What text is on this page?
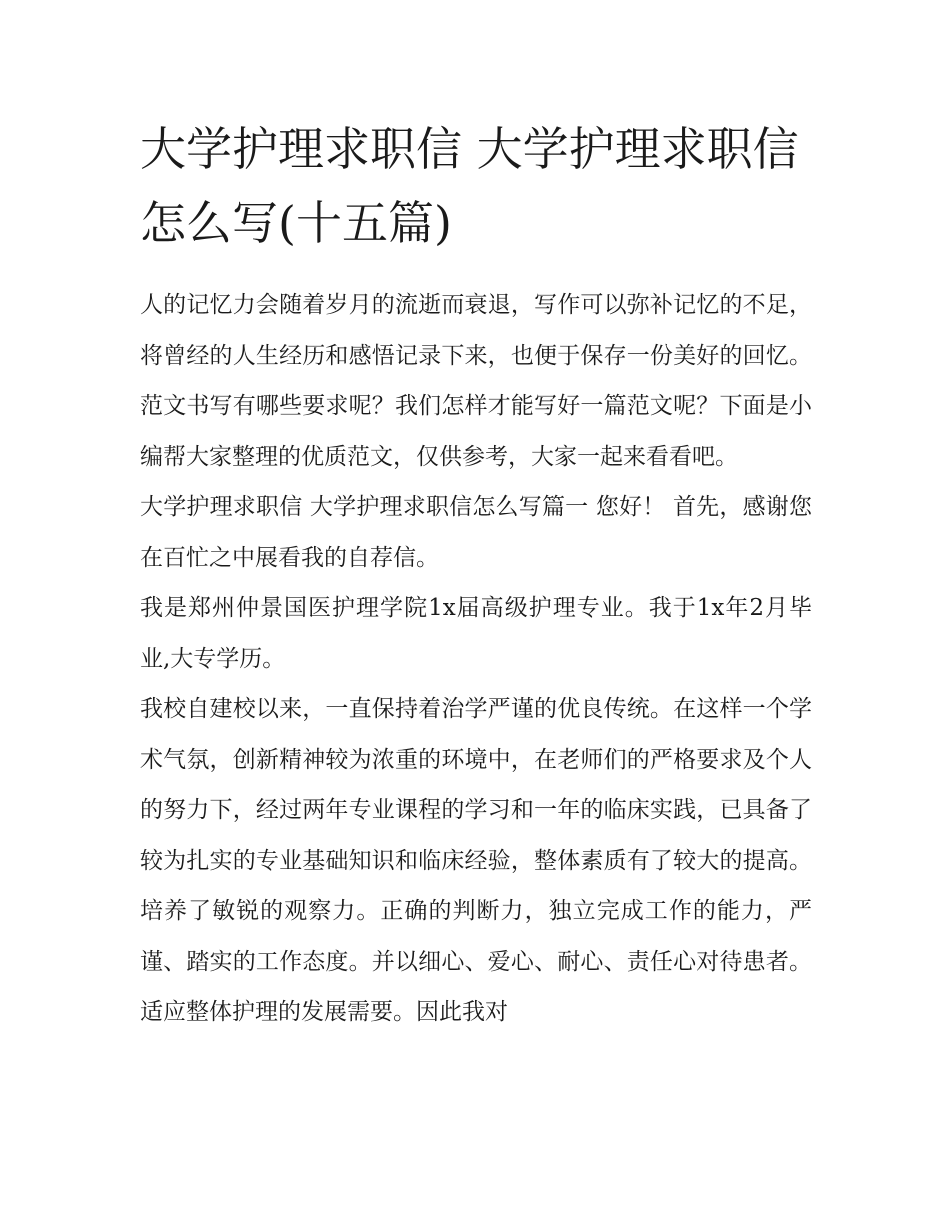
大学护理求职信 大学护理求职信怎么写(十五篇)

人的记忆力会随着岁月的流逝而衰退，写作可以弥补记忆的不足，将曾经的人生经历和感悟记录下来，也便于保存一份美好的回忆。范文书写有哪些要求呢？我们怎样才能写好一篇范文呢？下面是小编帮大家整理的优质范文，仅供参考，大家一起来看看吧。

大学护理求职信 大学护理求职信怎么写篇一 您好！ 首先，感谢您在百忙之中展看我的自荐信。

我是郑州仲景国医护理学院1x届高级护理专业。我于1x年2月毕业,大专学历。

我校自建校以来，一直保持着治学严谨的优良传统。在这样一个学术气氛，创新精神较为浓重的环境中，在老师们的严格要求及个人的努力下，经过两年专业课程的学习和一年的临床实践，已具备了较为扎实的专业基础知识和临床经验，整体素质有了较大的提高。培养了敏锐的观察力。正确的判断力，独立完成工作的能力，严谨、踏实的工作态度。并以细心、爱心、耐心、责任心对待患者。适应整体护理的发展需要。因此我对
